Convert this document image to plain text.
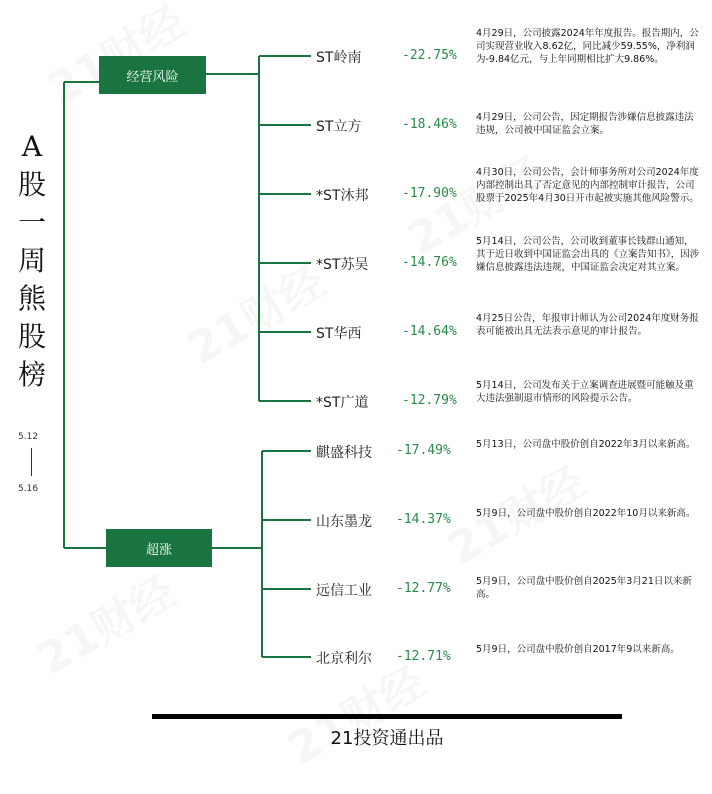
A
股
一
周
熊
股
榜
5.12
5.16
经营风险
超涨
ST岭南	-22.75%
4月29日，公司披露2024年年度报告。报告期内，公司实现营业收入8.62亿，同比减少59.55%，净利润为-9.84亿元，与上年同期相比扩大9.86%。
ST立方	-18.46% 4月29日，公司公告，因定期报告涉嫌信息披露违法违规，公司被中国证监会立案。
*ST沐邦	-17.90%
4月30日，公司公告，会计师事务所对公司2024年度内部控制出具了否定意见的内部控制审计报告，公司股票于2025年4月30日开市起被实施其他风险警示。
*ST苏吴	-14.76%
5月14日，公司公告，公司收到董事长钱群山通知，其于近日收到中国证监会出具的《立案告知书》，因涉嫌信息披露违法违规，中国证监会决定对其立案。
ST华西	-14.64%
4月25日公告，年报审计师认为公司2024年度财务报表可能被出具无法表示意见的审计报告。
*ST广道	-12.79%
5月14日，公司发布关于立案调查进展暨可能触及重大违法强制退市情形的风险提示公告。
麒盛科技 -17.49%	5月13日，公司盘中股价创自2022年3月以来新高。
山东墨龙 -14.37%	5月9日，公司盘中股价创自2022年10月以来新高。
远信工业 -12.77%	5月9日，公司盘中股价创自2025年3月21日以来新高。
北京利尔 -12.71%	5月9日，公司盘中股价创自2017年9以来新高。
21投资通出品
